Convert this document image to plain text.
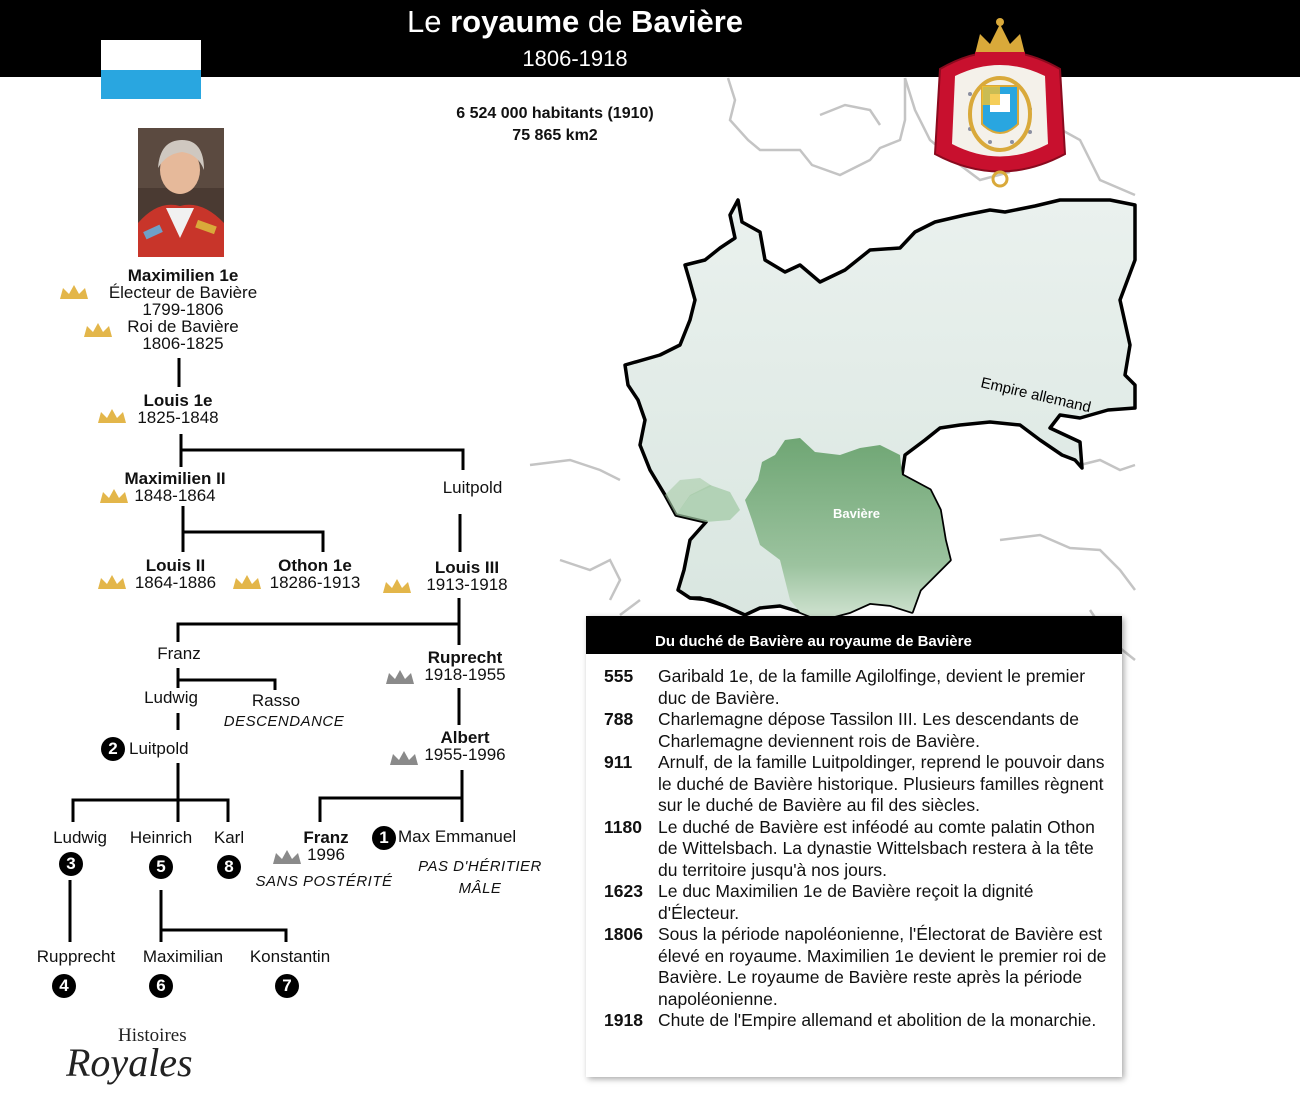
Empire allemand
Bavière
Le royaume de Bavière
1806-1918
6 524 000 habitants (1910)
75 865 km2
Maximilien 1e
Électeur de Bavière
1799-1806
Roi de Bavière
1806-1825
Louis 1e
1825-1848
Maximilien II
1848-1864	Luitpold
Louis II
1864-1886
Othon 1e
18286-1913
Louis III
1913-1918
Franz	Ruprecht
1918-1955
Ludwig	Rasso
DESCENDANCE
Albert
1955-1996
2 Luitpold
Ludwig
3
Heinrich
5
Karl
8
Franz
1996
SANS POSTÉRITÉ
1 Max Emmanuel
PAS D'HÉRITIER
MÂLE
Rupprecht
4
Maximilian
6
Konstantin
7
Du duché de Bavière au royaume de Bavière
555	Garibald 1e, de la famille Agilolfinge, devient le premier duc de Bavière.
788	Charlemagne dépose Tassilon III. Les descendants de Charlemagne deviennent rois de Bavière.
911	Arnulf, de la famille Luitpoldinger, reprend le pouvoir dans le duché de Bavière historique. Plusieurs familles règnent sur le duché de Bavière au fil des siècles.
1180 Le duché de Bavière est inféodé au comte palatin Othon de Wittelsbach. La dynastie Wittelsbach restera à la tête du territoire jusqu'à nos jours.
1623 Le duc Maximilien 1e de Bavière reçoit la dignité d'Électeur.
1806 Sous la période napoléonienne, l'Électorat de Bavière est élevé en royaume. Maximilien 1e devient le premier roi de Bavière. Le royaume de Bavière reste après la période napoléonienne.
1918 Chute de l'Empire allemand et abolition de la monarchie.
Histoires
Royales
